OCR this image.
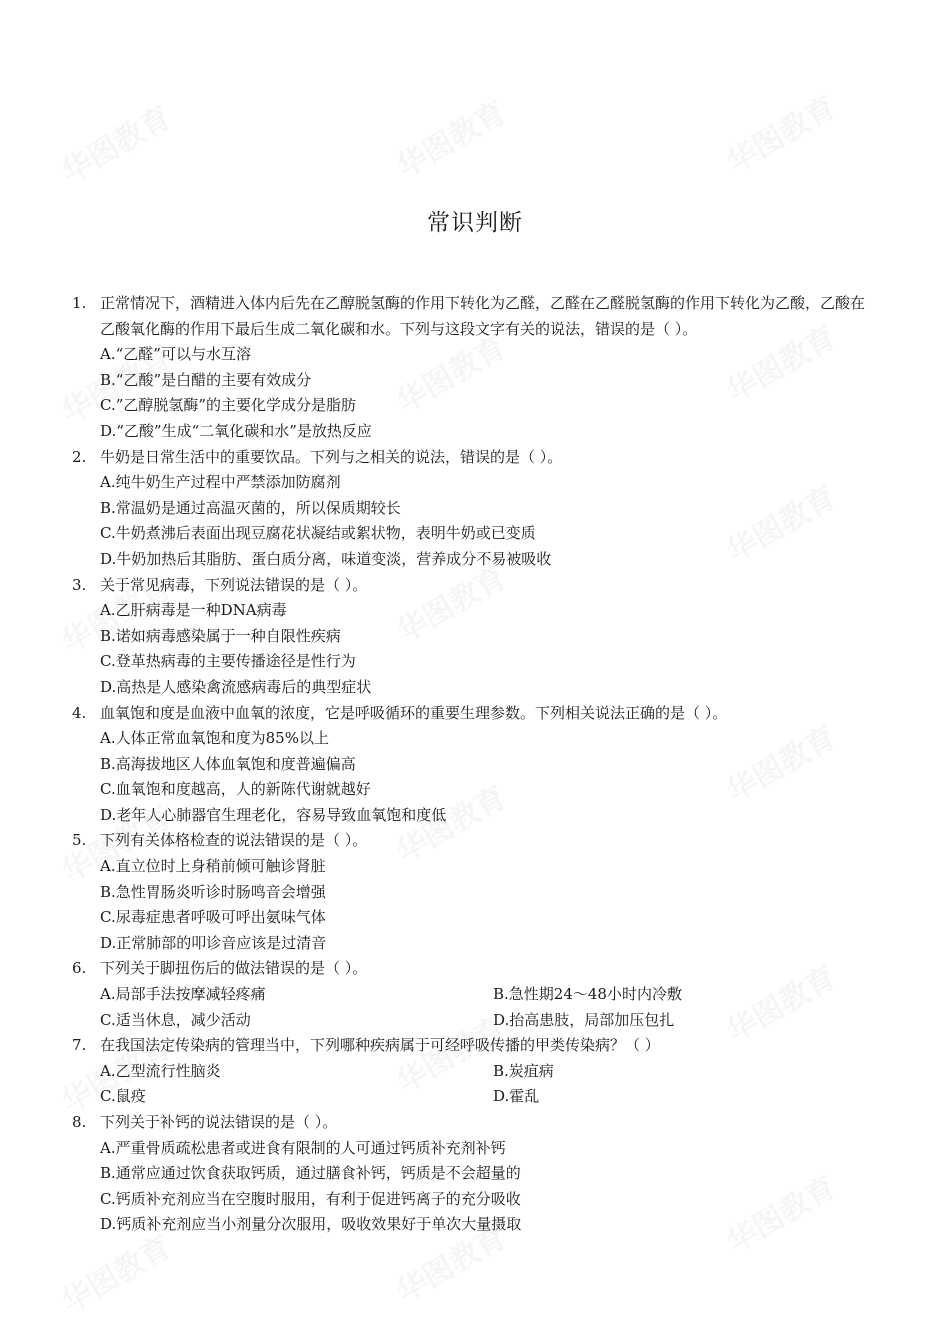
常识判断
1. 正常情况下，酒精进入体内后先在乙醇脱氢酶的作用下转化为乙醛，乙醛在乙醛脱氢酶的作用下转化为乙酸，乙酸在乙酸氧化酶的作用下最后生成二氧化碳和水。下列与这段文字有关的说法，错误的是（ ）。
A.“乙醛”可以与水互溶
B.“乙酸”是白醋的主要有效成分
C.”乙醇脱氢酶”的主要化学成分是脂肪
D.“乙酸”生成“二氧化碳和水”是放热反应
2. 牛奶是日常生活中的重要饮品。下列与之相关的说法，错误的是（ ）。
A.纯牛奶生产过程中严禁添加防腐剂
B.常温奶是通过高温灭菌的，所以保质期较长
C.牛奶煮沸后表面出现豆腐花状凝结或絮状物，表明牛奶或已变质
D.牛奶加热后其脂肪、蛋白质分离，味道变淡，营养成分不易被吸收
3. 关于常见病毒，下列说法错误的是（ ）。
A.乙肝病毒是一种DNA病毒
B.诺如病毒感染属于一种自限性疾病
C.登革热病毒的主要传播途径是性行为
D.高热是人感染禽流感病毒后的典型症状
4. 血氧饱和度是血液中血氧的浓度，它是呼吸循环的重要生理参数。下列相关说法正确的是（ ）。
A.人体正常血氧饱和度为85%以上
B.高海拔地区人体血氧饱和度普遍偏高
C.血氧饱和度越高，人的新陈代谢就越好
D.老年人心肺器官生理老化，容易导致血氧饱和度低
5. 下列有关体格检查的说法错误的是（ ）。
A.直立位时上身稍前倾可触诊肾脏
B.急性胃肠炎听诊时肠鸣音会增强
C.尿毒症患者呼吸可呼出氨味气体
D.正常肺部的叩诊音应该是过清音
6. 下列关于脚扭伤后的做法错误的是（ ）。
A.局部手法按摩减轻疼痛	B.急性期24～48小时内冷敷
C.适当休息，减少活动	D.抬高患肢，局部加压包扎
7. 在我国法定传染病的管理当中，下列哪种疾病属于可经呼吸传播的甲类传染病？（ ）
A.乙型流行性脑炎	B.炭疽病
C.鼠疫	D.霍乱
8. 下列关于补钙的说法错误的是（ ）。
A.严重骨质疏松患者或进食有限制的人可通过钙质补充剂补钙
B.通常应通过饮食获取钙质，通过膳食补钙，钙质是不会超量的
C.钙质补充剂应当在空腹时服用，有利于促进钙离子的充分吸收
D.钙质补充剂应当小剂量分次服用，吸收效果好于单次大量摄取
